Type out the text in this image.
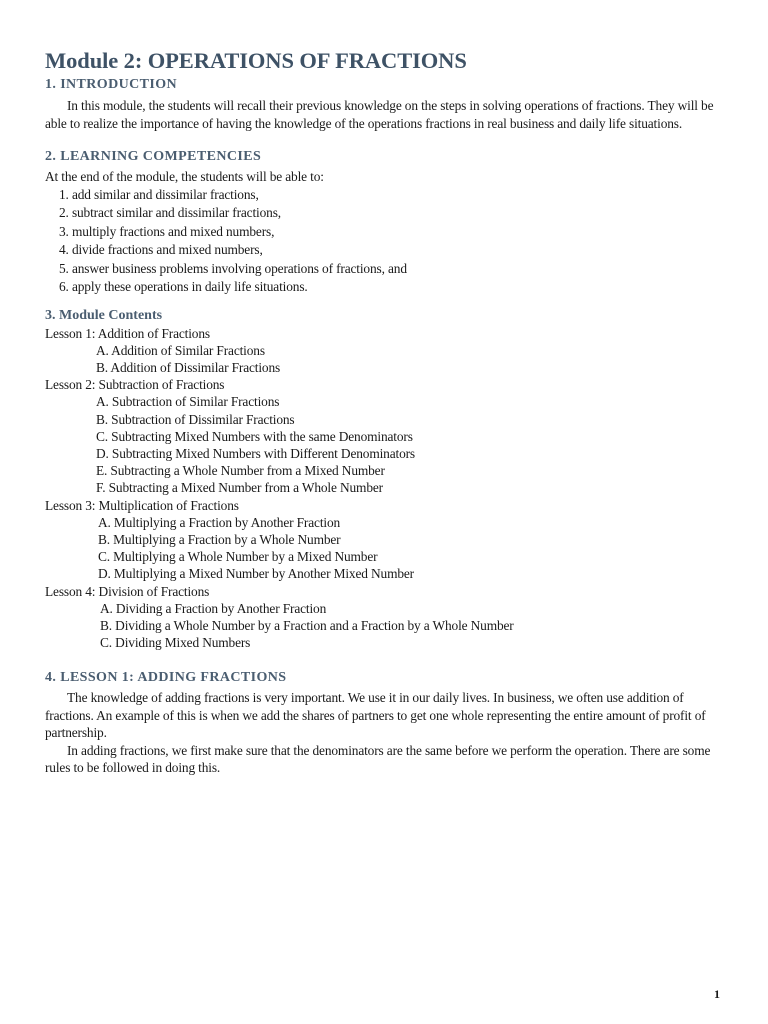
Module 2: OPERATIONS OF FRACTIONS
1. INTRODUCTION

In this module, the students will recall their previous knowledge on the steps in solving operations of fractions. They will be able to realize the importance of having the knowledge of the operations fractions in real business and daily life situations.

2. LEARNING COMPETENCIES

At the end of the module, the students will be able to:

1. add similar and dissimilar fractions,
2. subtract similar and dissimilar fractions,
3. multiply fractions and mixed numbers,
4. divide fractions and mixed numbers,
5. answer business problems involving operations of fractions, and
6. apply these operations in daily life situations.
3. Module Contents

Lesson 1: Addition of Fractions

A. Addition of Similar Fractions

B. Addition of Dissimilar Fractions

Lesson 2: Subtraction of Fractions

A. Subtraction of Similar Fractions

B. Subtraction of Dissimilar Fractions

C. Subtracting Mixed Numbers with the same Denominators

D. Subtracting Mixed Numbers with Different Denominators

E. Subtracting a Whole Number from a Mixed Number

F. Subtracting a Mixed Number from a Whole Number

Lesson 3: Multiplication of Fractions

A. Multiplying a Fraction by Another Fraction

B. Multiplying a Fraction by a Whole Number

C. Multiplying a Whole Number by a Mixed Number

D. Multiplying a Mixed Number by Another Mixed Number

Lesson 4: Division of Fractions

A. Dividing a Fraction by Another Fraction

B. Dividing a Whole Number by a Fraction and a Fraction by a Whole Number

C. Dividing Mixed Numbers

4. LESSON 1: ADDING FRACTIONS

The knowledge of adding fractions is very important. We use it in our daily lives. In business, we often use addition of fractions. An example of this is when we add the shares of partners to get one whole representing the entire amount of profit of partnership.

In adding fractions, we first make sure that the denominators are the same before we perform the operation. There are some rules to be followed in doing this.

1
